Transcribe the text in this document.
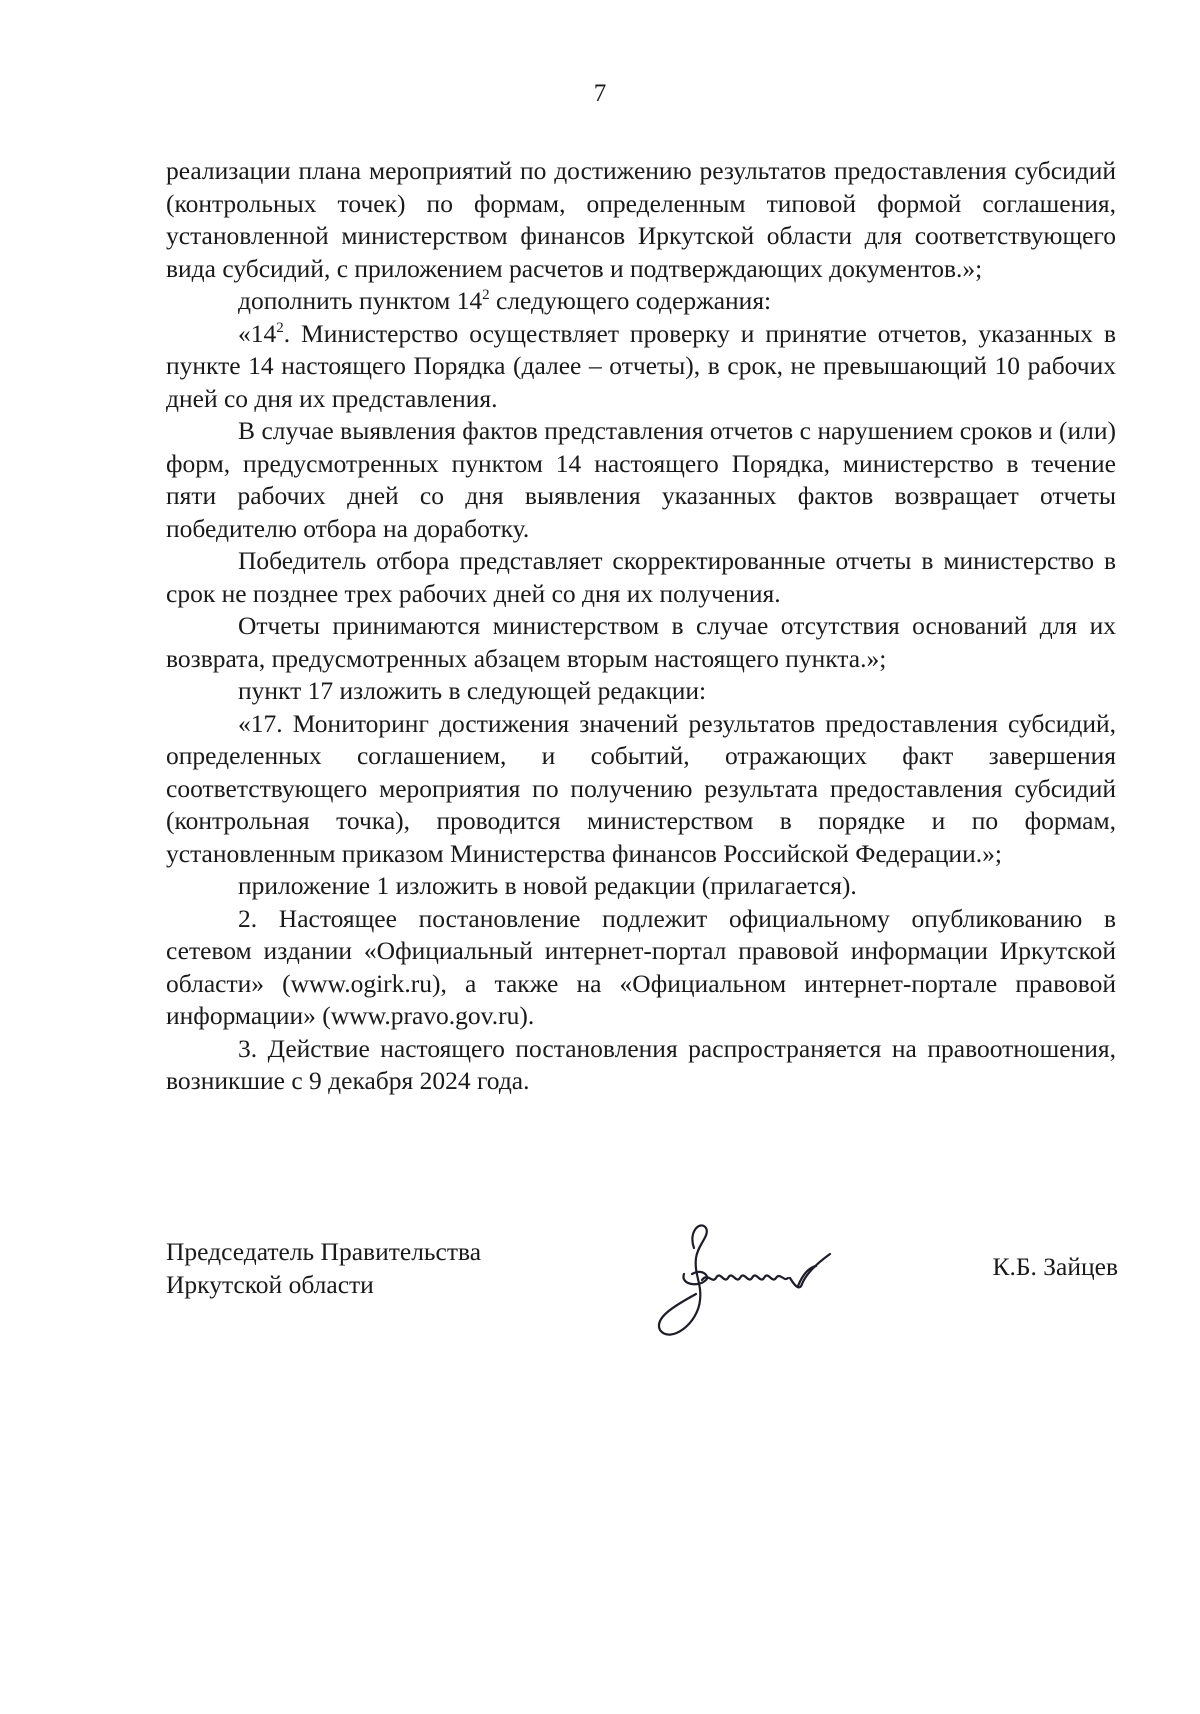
7

реализации плана мероприятий по достижению результатов предоставления субсидий (контрольных точек) по формам, определенным типовой формой соглашения, установленной министерством финансов Иркутской области для соответствующего вида субсидий, с приложением расчетов и подтверждающих документов.»;

дополнить пунктом $14^2$ следующего содержания:

«$14^2$. Министерство осуществляет проверку и принятие отчетов, указанных в пункте 14 настоящего Порядка (далее – отчеты), в срок, не превышающий 10 рабочих дней со дня их представления.

В случае выявления фактов представления отчетов с нарушением сроков и (или) форм, предусмотренных пунктом 14 настоящего Порядка, министерство в течение пяти рабочих дней со дня выявления указанных фактов возвращает отчеты победителю отбора на доработку.

Победитель отбора представляет скорректированные отчеты в министерство в срок не позднее трех рабочих дней со дня их получения.

Отчеты принимаются министерством в случае отсутствия оснований для их возврата, предусмотренных абзацем вторым настоящего пункта.»;

пункт 17 изложить в следующей редакции:

«17. Мониторинг достижения значений результатов предоставления субсидий, определенных соглашением, и событий, отражающих факт завершения соответствующего мероприятия по получению результата предоставления субсидий (контрольная точка), проводится министерством в порядке и по формам, установленным приказом Министерства финансов Российской Федерации.»;

приложение 1 изложить в новой редакции (прилагается).

2. Настоящее постановление подлежит официальному опубликованию в сетевом издании «Официальный интернет-портал правовой информации Иркутской области» (www.ogirk.ru), а также на «Официальном интернет-портале правовой информации» (www.pravo.gov.ru).

3. Действие настоящего постановления распространяется на правоотношения, возникшие с 9 декабря 2024 года.

Председатель Правительства
Иркутской области
К.Б. Зайцев
